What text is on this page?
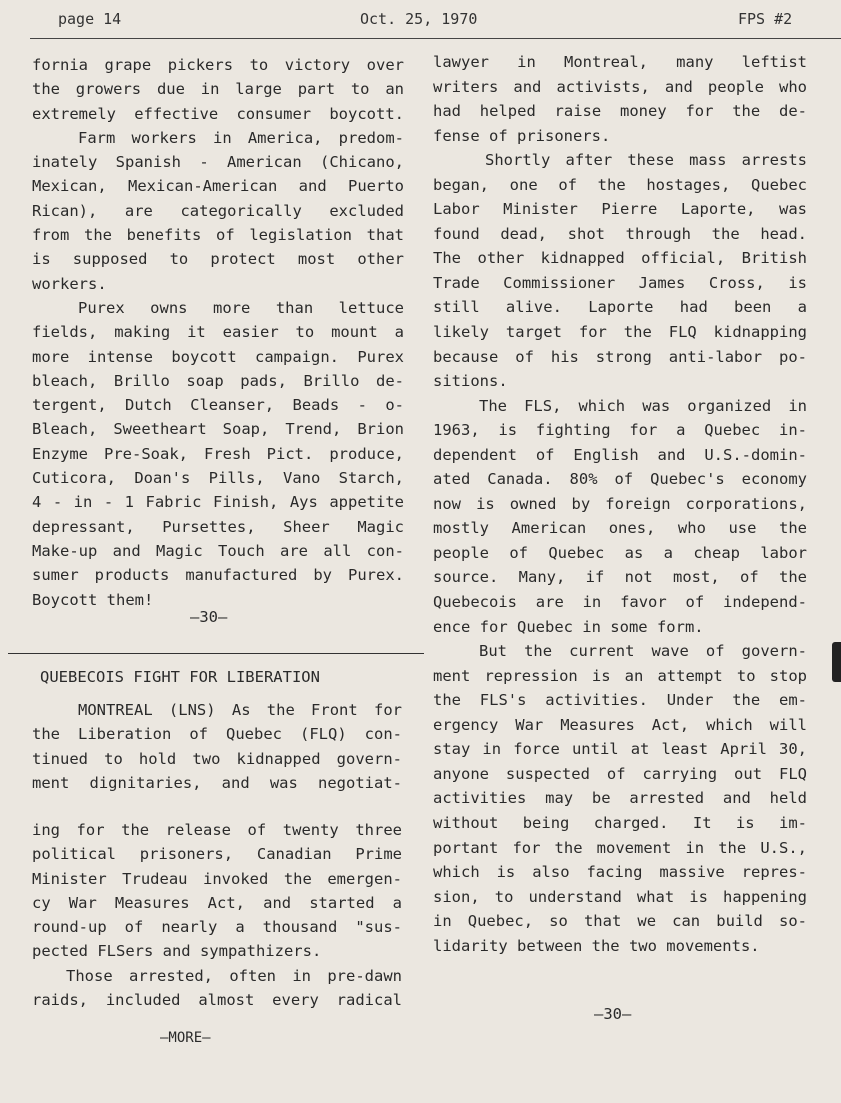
page 14	Oct. 25, 1970	FPS #2
fornia grape pickers to victory over
the growers due in large part to an
extremely effective consumer boycott.
Farm workers in America, predom-
inately Spanish - American (Chicano,
Mexican, Mexican-American and Puerto
Rican), are categorically excluded
from the benefits of legislation that
is supposed to protect most other
workers.
Purex owns more than lettuce
fields, making it easier to mount a
more intense boycott campaign. Purex
bleach, Brillo soap pads, Brillo de-
tergent, Dutch Cleanser, Beads - o-
Bleach, Sweetheart Soap, Trend, Brion
Enzyme Pre-Soak, Fresh Pict. produce,
Cuticora, Doan's Pills, Vano Starch,
4 - in - 1 Fabric Finish, Ays appetite
depressant, Pursettes, Sheer Magic
Make-up and Magic Touch are all con-
sumer products manufactured by Purex.
Boycott them!
—30—
QUEBECOIS FIGHT FOR LIBERATION
MONTREAL (LNS) As the Front for
the Liberation of Quebec (FLQ) con-
tinued to hold two kidnapped govern-
ment dignitaries, and was negotiat-
ing for the release of twenty three
political prisoners, Canadian Prime
Minister Trudeau invoked the emergen-
cy War Measures Act, and started a
round-up of nearly a thousand "sus-
pected FLSers and sympathizers.
Those arrested, often in pre-dawn
raids, included almost every radical
—MORE—
lawyer in Montreal, many leftist
writers and activists, and people who
had helped raise money for the de-
fense of prisoners.
Shortly after these mass arrests
began, one of the hostages, Quebec
Labor Minister Pierre Laporte, was
found dead, shot through the head.
The other kidnapped official, British
Trade Commissioner James Cross, is
still alive. Laporte had been a
likely target for the FLQ kidnapping
because of his strong anti-labor po-
sitions.
The FLS, which was organized in
1963, is fighting for a Quebec in-
dependent of English and U.S.-domin-
ated Canada. 80% of Quebec's economy
now is owned by foreign corporations,
mostly American ones, who use the
people of Quebec as a cheap labor
source. Many, if not most, of the
Quebecois are in favor of independ-
ence for Quebec in some form.
But the current wave of govern-
ment repression is an attempt to stop
the FLS's activities. Under the em-
ergency War Measures Act, which will
stay in force until at least April 30,
anyone suspected of carrying out FLQ
activities may be arrested and held
without being charged. It is im-
portant for the movement in the U.S.,
which is also facing massive repres-
sion, to understand what is happening
in Quebec, so that we can build so-
lidarity between the two movements.
—30—
